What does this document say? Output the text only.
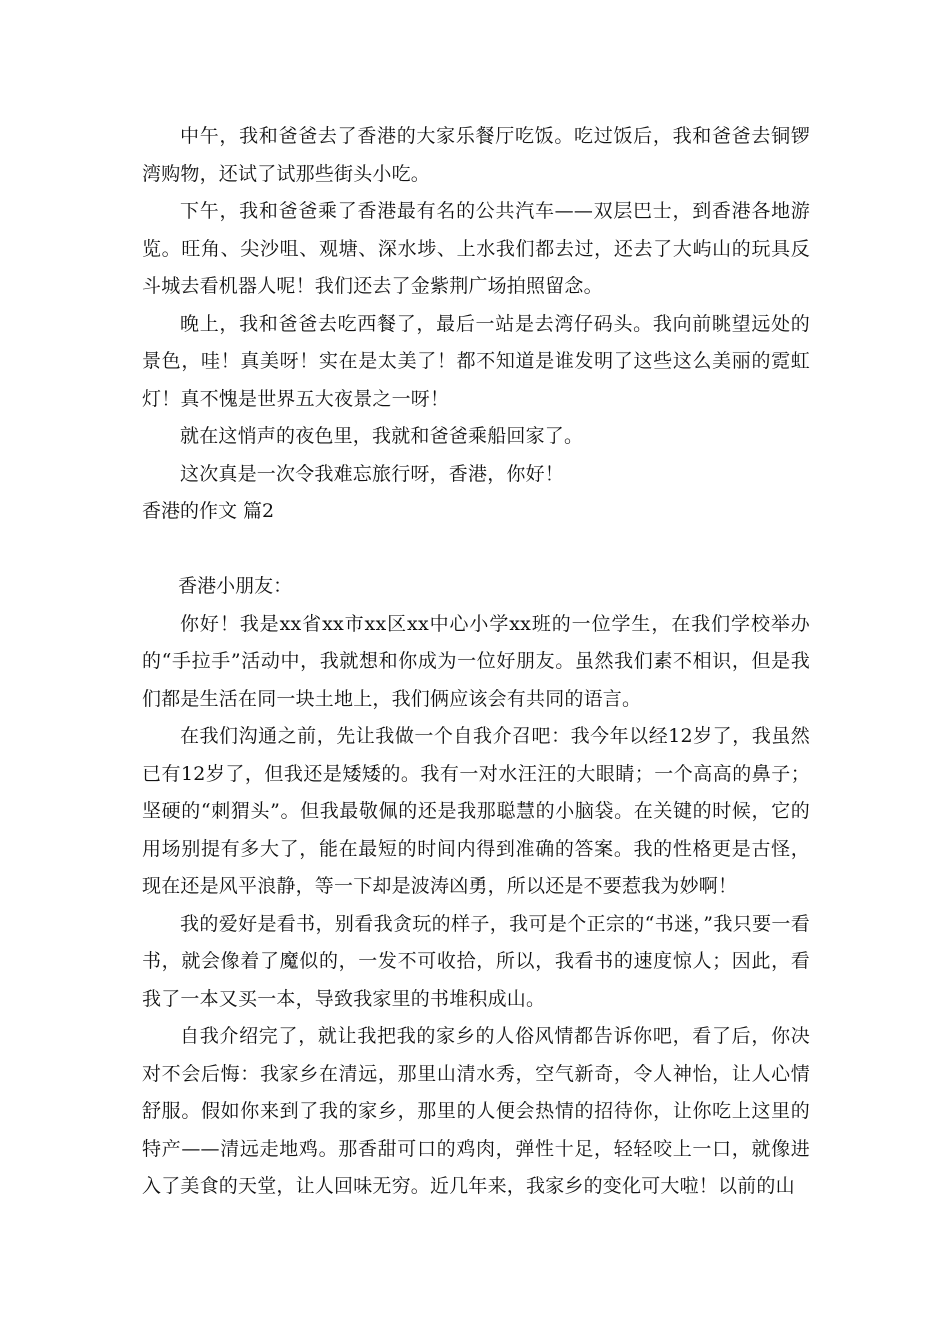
中午，我和爸爸去了香港的大家乐餐厅吃饭。吃过饭后，我和爸爸去铜锣湾购物，还试了试那些街头小吃。

下午，我和爸爸乘了香港最有名的公共汽车——双层巴士，到香港各地游览。旺角、尖沙咀、观塘、深水埗、上水我们都去过，还去了大屿山的玩具反斗城去看机器人呢！我们还去了金紫荆广场拍照留念。

晚上，我和爸爸去吃西餐了，最后一站是去湾仔码头。我向前眺望远处的景色，哇！真美呀！实在是太美了！都不知道是谁发明了这些这么美丽的霓虹灯！真不愧是世界五大夜景之一呀！

就在这悄声的夜色里，我就和爸爸乘船回家了。

这次真是一次令我难忘旅行呀，香港，你好！

香港的作文 篇2

香港小朋友：

你好！我是xx省xx市xx区xx中心小学xx班的一位学生，在我们学校举办的“手拉手”活动中，我就想和你成为一位好朋友。虽然我们素不相识，但是我们都是生活在同一块土地上，我们俩应该会有共同的语言。

在我们沟通之前，先让我做一个自我介召吧：我今年以经12岁了，我虽然已有12岁了，但我还是矮矮的。我有一对水汪汪的大眼睛；一个高高的鼻子；坚硬的“刺猬头”。但我最敬佩的还是我那聪慧的小脑袋。在关键的时候，它的用场别提有多大了，能在最短的时间内得到准确的答案。我的性格更是古怪，现在还是风平浪静，等一下却是波涛凶勇，所以还是不要惹我为妙啊！

我的爱好是看书，别看我贪玩的样子，我可是个正宗的“书迷，”我只要一看书，就会像着了魔似的，一发不可收拾，所以，我看书的速度惊人；因此，看我了一本又买一本，导致我家里的书堆积成山。

自我介绍完了，就让我把我的家乡的人俗风情都告诉你吧，看了后，你决对不会后悔：我家乡在清远，那里山清水秀，空气新奇，令人神怡，让人心情舒服。假如你来到了我的家乡，那里的人便会热情的招待你，让你吃上这里的特产——清远走地鸡。那香甜可口的鸡肉，弹性十足，轻轻咬上一口，就像进入了美食的天堂，让人回味无穷。近几年来，我家乡的变化可大啦！以前的山
